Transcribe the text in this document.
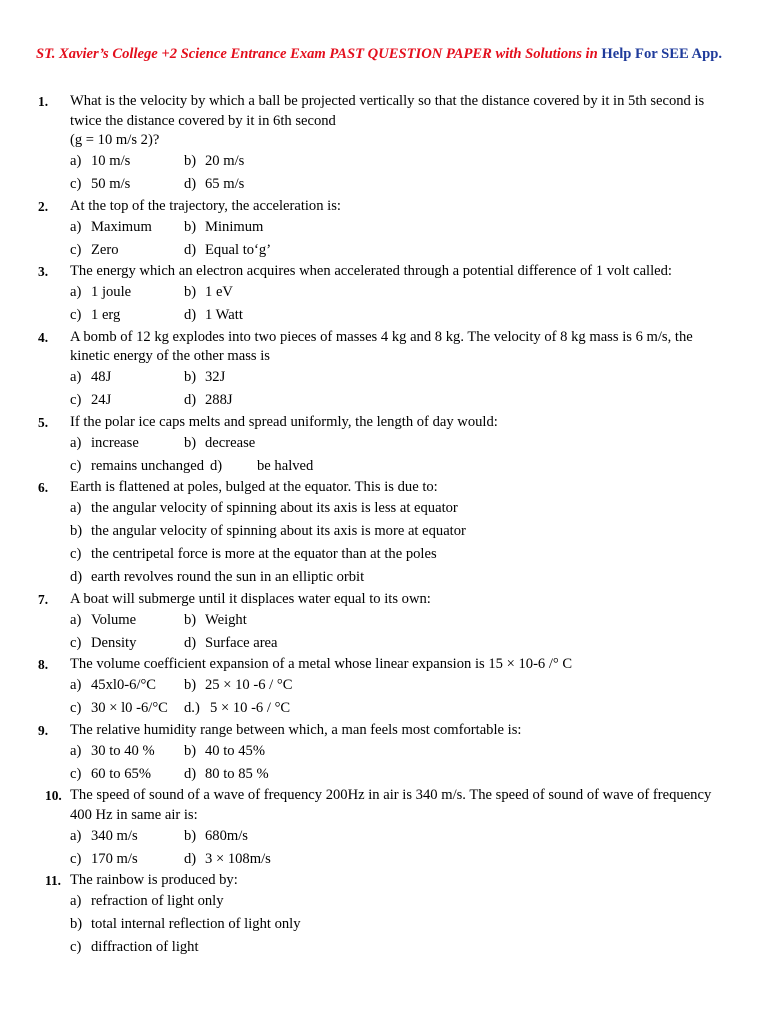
ST. Xavier’s College +2 Science Entrance Exam PAST QUESTION PAPER with Solutions in Help For SEE App.
1.	What is the velocity by which a ball be projected vertically so that the distance covered by it in 5th second is
twice the distance covered by it in 6th second
(g = 10 m/s 2)?
a) 10 m/s	b) 20 m/s
c) 50 m/s	d) 65 m/s
2.	At the top of the trajectory, the acceleration is:
a) Maximum b) Minimum
c) Zero	d) Equal to‘g’
3.	The energy which an electron acquires when accelerated through a potential difference of 1 volt called:
a) 1 joule	b) 1 eV
c) 1 erg	d) 1 Watt
4.	A bomb of 12 kg explodes into two pieces of masses 4 kg and 8 kg. The velocity of 8 kg mass is 6 m/s, the
kinetic energy of the other mass is
a) 48J	b) 32J
c) 24J	d) 288J
5.	If the polar ice caps melts and spread uniformly, the length of day would:
a) increase	b) decrease
c) remains unchanged d)	be halved
6.	Earth is flattened at poles, bulged at the equator. This is due to:
a) the angular velocity of spinning about its axis is less at equator
b) the angular velocity of spinning about its axis is more at equator
c) the centripetal force is more at the equator than at the poles
d) earth revolves round the sun in an elliptic orbit
7.	A boat will submerge until it displaces water equal to its own:
a) Volume	b) Weight
c) Density	d) Surface area
8.	The volume coefficient expansion of a metal whose linear expansion is 15 × 10-6 /° C
a) 45xl0-6/°C b) 25 × 10 -6 / °C
c) 30 × l0 -6/°C d.) 5 × 10 -6 / °C
9.	The relative humidity range between which, a man feels most comfortable is:
a) 30 to 40 % b) 40 to 45%
c) 60 to 65% d) 80 to 85 %
10. The speed of sound of a wave of frequency 200Hz in air is 340 m/s. The speed of sound of wave of frequency
400 Hz in same air is:
a) 340 m/s	b) 680m/s
c) 170 m/s	d) 3 × 108m/s
11. The rainbow is produced by:
a) refraction of light only
b) total internal reflection of light only
c) diffraction of light
